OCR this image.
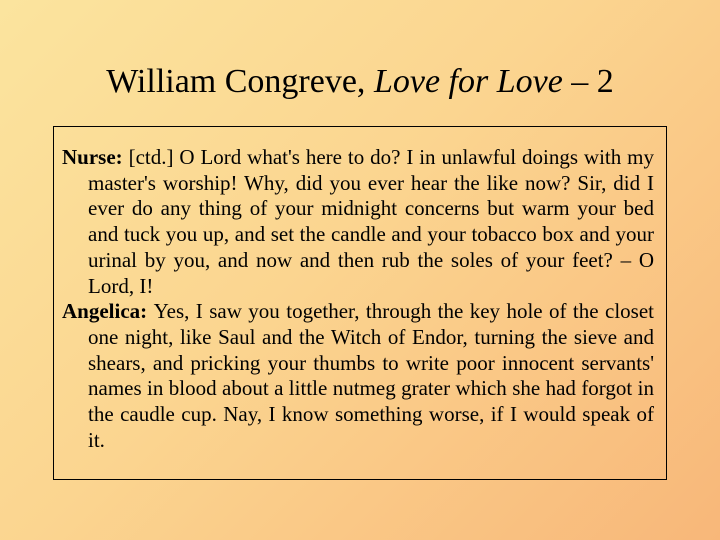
William Congreve, Love for Love – 2

Nurse: [ctd.] O Lord what's here to do? I in unlawful doings with my master's worship! Why, did you ever hear the like now? Sir, did I ever do any thing of your midnight concerns but warm your bed and tuck you up, and set the candle and your tobacco box and your urinal by you, and now and then rub the soles of your feet? – O Lord, I!

Angelica: Yes, I saw you together, through the key hole of the closet one night, like Saul and the Witch of Endor, turning the sieve and shears, and pricking your thumbs to write poor innocent servants' names in blood about a little nutmeg grater which she had forgot in the caudle cup. Nay, I know something worse, if I would speak of it.
